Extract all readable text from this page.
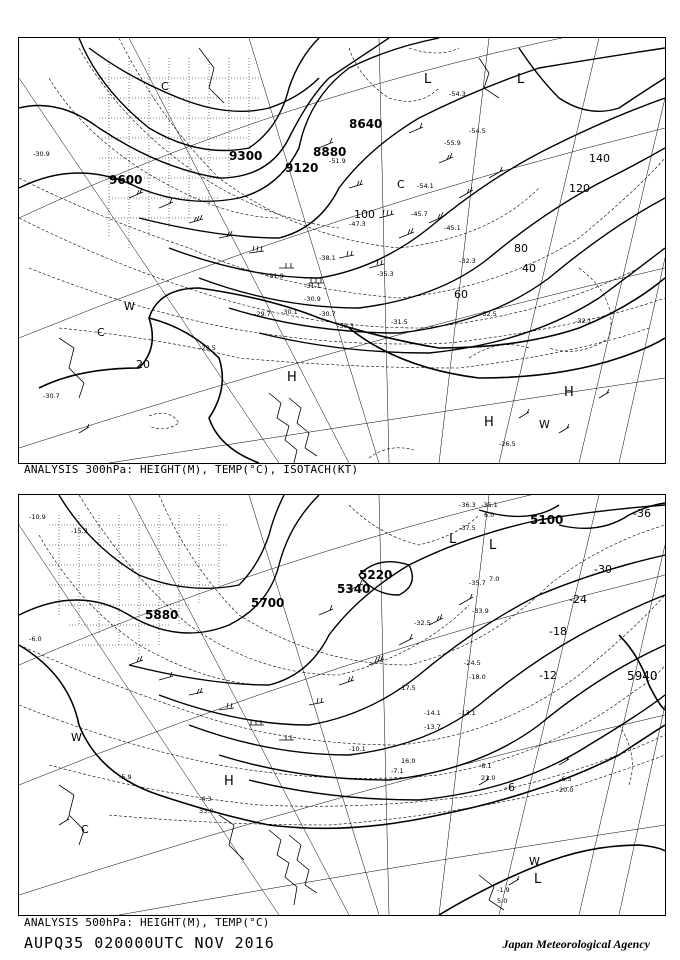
8640
9300
9120
9600
8880
20
40
60
80
100
120
140
L	L
H
H
H
W
C
C
W
C
-54.3
-54.5
-55.9
-51.9
-54.1
-45.1
-45.7
-47.3
-38.1
-35.3
-32.3
-31.9
-31.1
-30.9
-30.7
-30.3
-30.1
-29.7
-31.5
-32.5
-32.1
-29.5
-26.5
-30.9
-30.7
ANALYSIS 300hPa: HEIGHT(M), TEMP(°C), ISOTACH(KT)
5100
5340
5220
5700
5880
5940
-36
-30
-24
-18
-12
-6
L	L
H
L
W
C
W
-36.3 -35.1
-37.5
-35.7
-33.9
-32.5
-24.5
-18.0
-17.5
-14.1
-13.7
-13.1
-10.1
-7.1
-6.5
-6.1
-1.9
-5.9
-4.3
-6.0
-10.9
-15.3
5.0
6.0
7.0
20.0
21.0
33.0
16.0
ANALYSIS 500hPa: HEIGHT(M), TEMP(°C)
AUPQ35 020000UTC NOV 2016	Japan Meteorological Agency
